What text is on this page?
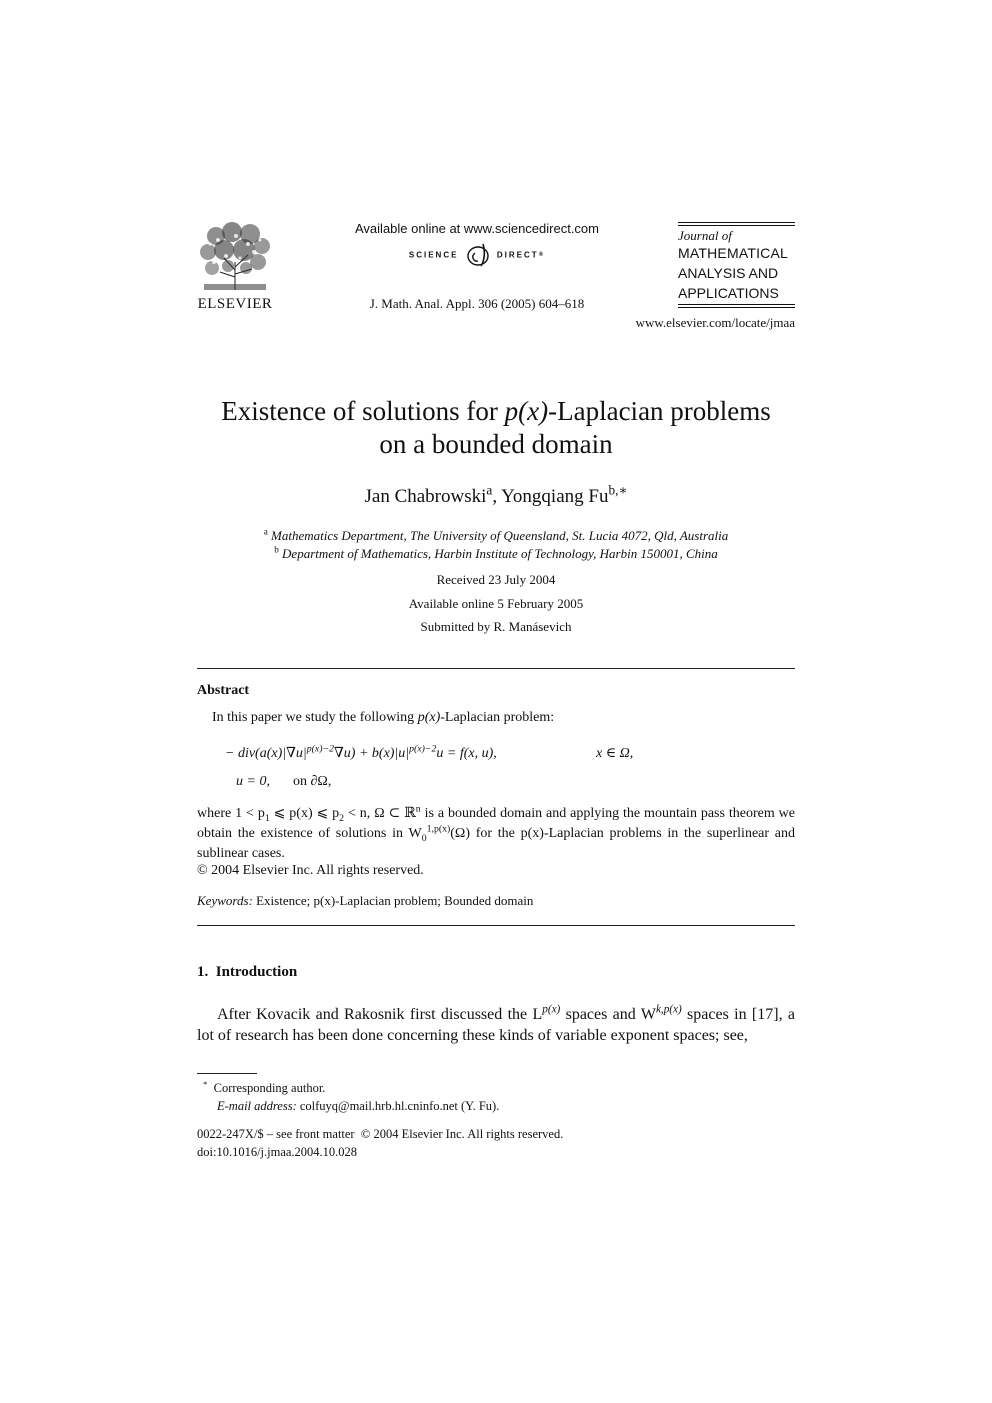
ELSEVIER
Available online at www.sciencedirect.com
SCIENCE	DIRECT®
J. Math. Anal. Appl. 306 (2005) 604–618
Journal of
MATHEMATICAL
ANALYSIS AND
APPLICATIONS
www.elsevier.com/locate/jmaa
Existence of solutions for p(x)-Laplacian problems
on a bounded domain
Jan Chabrowski$^a$, Yongqiang $Fu^{b,∗}$
$^a$ Mathematics Department, The University of Queensland, St. Lucia 4072, Qld, Australia
$^b$ Department of Mathematics, Harbin Institute of Technology, Harbin 150001, China
Received 23 July 2004
Available online 5 February 2005
Submitted by R. Manásevich
Abstract
In this paper we study the following p(x)-Laplacian problem:
− $div(a(x)|\nabla u|^{p(x)-2}\nabla u) + b(x)|u|^{p(x)-2}u = f(x$, u),	x ∈ Ω,
u = 0, on ∂Ω,
where $1 < p_1$ ⩽ p(x) ⩽ $p_2 < n$, Ω ⊂ ℝ$^n$ is a bounded domain and applying the mountain pass theorem we obtain the existence of solutions in $W_0^{1,p(x)}(\Omega)$ for the p(x)-Laplacian problems in the superlinear and sublinear cases.
© 2004 Elsevier Inc. All rights reserved.
Keywords: Existence; p(x)-Laplacian problem; Bounded domain
1.  Introduction
After Kovacik and Rakosnik first discussed the $L^{p(x)}$ spaces and $W^{k,p(x)}$ spaces in [17], a lot of research has been done concerning these kinds of variable exponent spaces; see,
* Corresponding author.
E-mail address: colfuyq@mail.hrb.hl.cninfo.net (Y. Fu).
0022-247X/$ – see front matter  © 2004 Elsevier Inc. All rights reserved.
doi:10.1016/j.jmaa.2004.10.028
